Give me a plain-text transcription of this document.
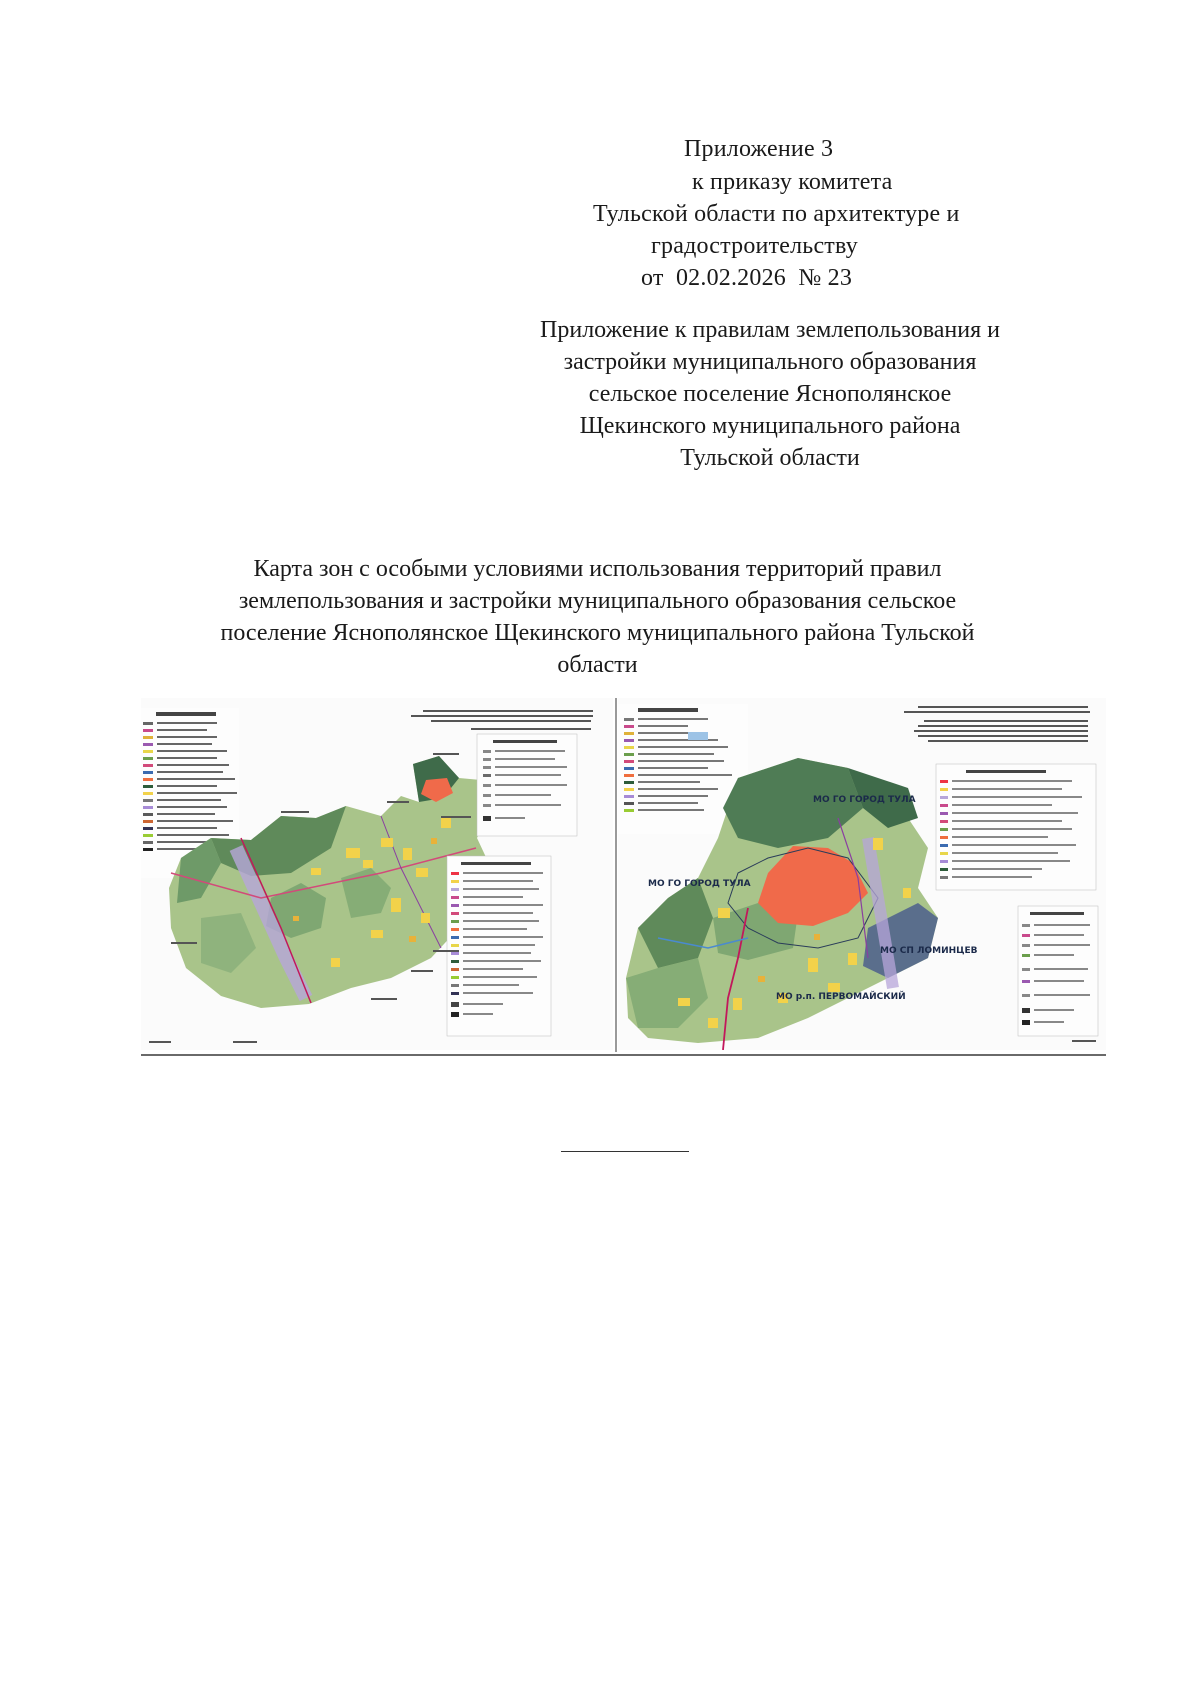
Приложение 3
к приказу комитета
Тульской области по архитектуре и
градостроительству
от  02.02.2026  № 23
Приложение к правилам землепользования и
застройки муниципального образования
сельское поселение Яснополянское
Щекинского муниципального района
Тульской области
Карта зон с особыми условиями использования территорий правил
землепользования и застройки муниципального образования сельское
поселение Яснополянское Щекинского муниципального района Тульской
области
МО ГО ГОРОД ТУЛА
МО ГО ГОРОД ТУЛА
МО СП ЛОМИНЦЕВ
МО р.п. ПЕРВОМАЙСКИЙ
